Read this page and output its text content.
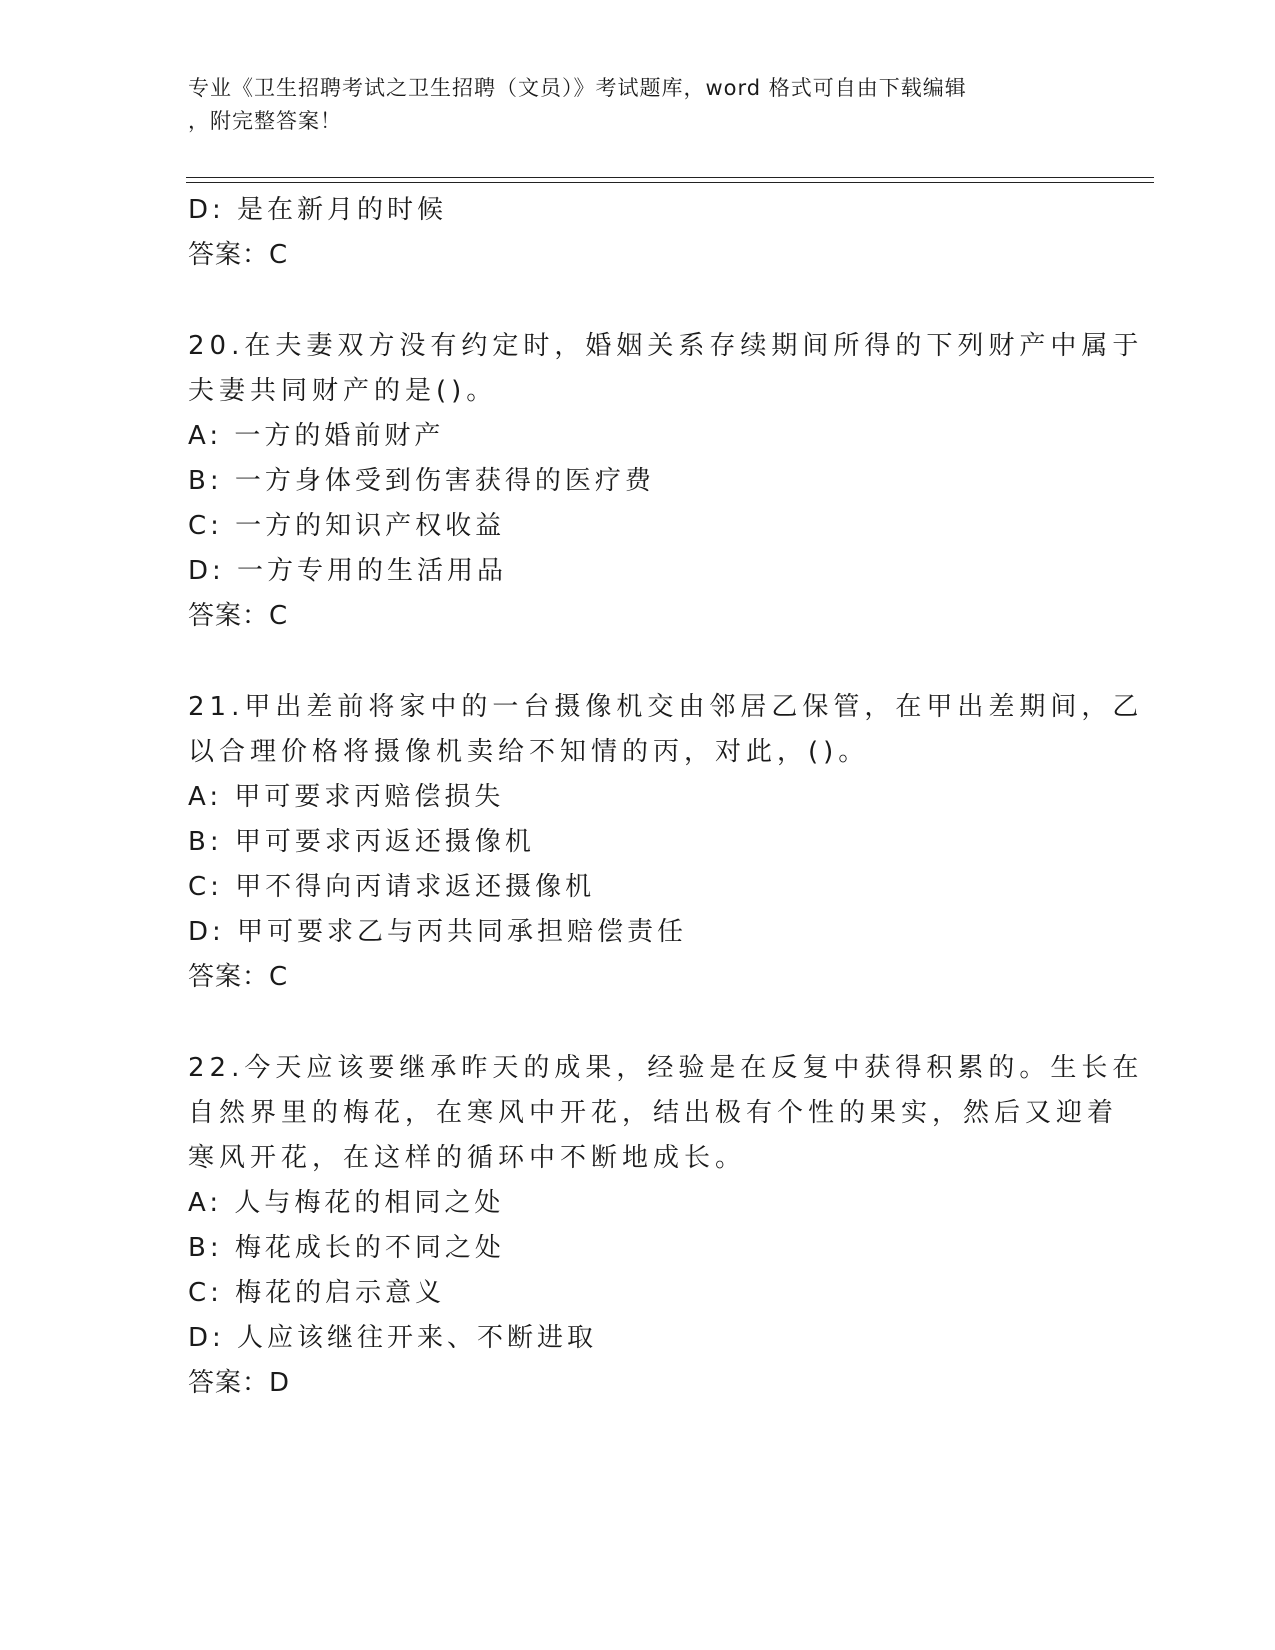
专业《卫生招聘考试之卫生招聘（文员）》考试题库，word 格式可自由下载编辑
，附完整答案！
D: 是在新月的时候
答案：C
20.在夫妻双方没有约定时，婚姻关系存续期间所得的下列财产中属于
夫妻共同财产的是()。
A: 一方的婚前财产
B: 一方身体受到伤害获得的医疗费
C: 一方的知识产权收益
D: 一方专用的生活用品
答案：C
21.甲出差前将家中的一台摄像机交由邻居乙保管，在甲出差期间，乙
以合理价格将摄像机卖给不知情的丙，对此，()。
A: 甲可要求丙赔偿损失
B: 甲可要求丙返还摄像机
C: 甲不得向丙请求返还摄像机
D: 甲可要求乙与丙共同承担赔偿责任
答案：C
22.今天应该要继承昨天的成果，经验是在反复中获得积累的。生长在
自然界里的梅花，在寒风中开花，结出极有个性的果实，然后又迎着
寒风开花，在这样的循环中不断地成长。
A: 人与梅花的相同之处
B: 梅花成长的不同之处
C: 梅花的启示意义
D: 人应该继往开来、不断进取
答案：D
